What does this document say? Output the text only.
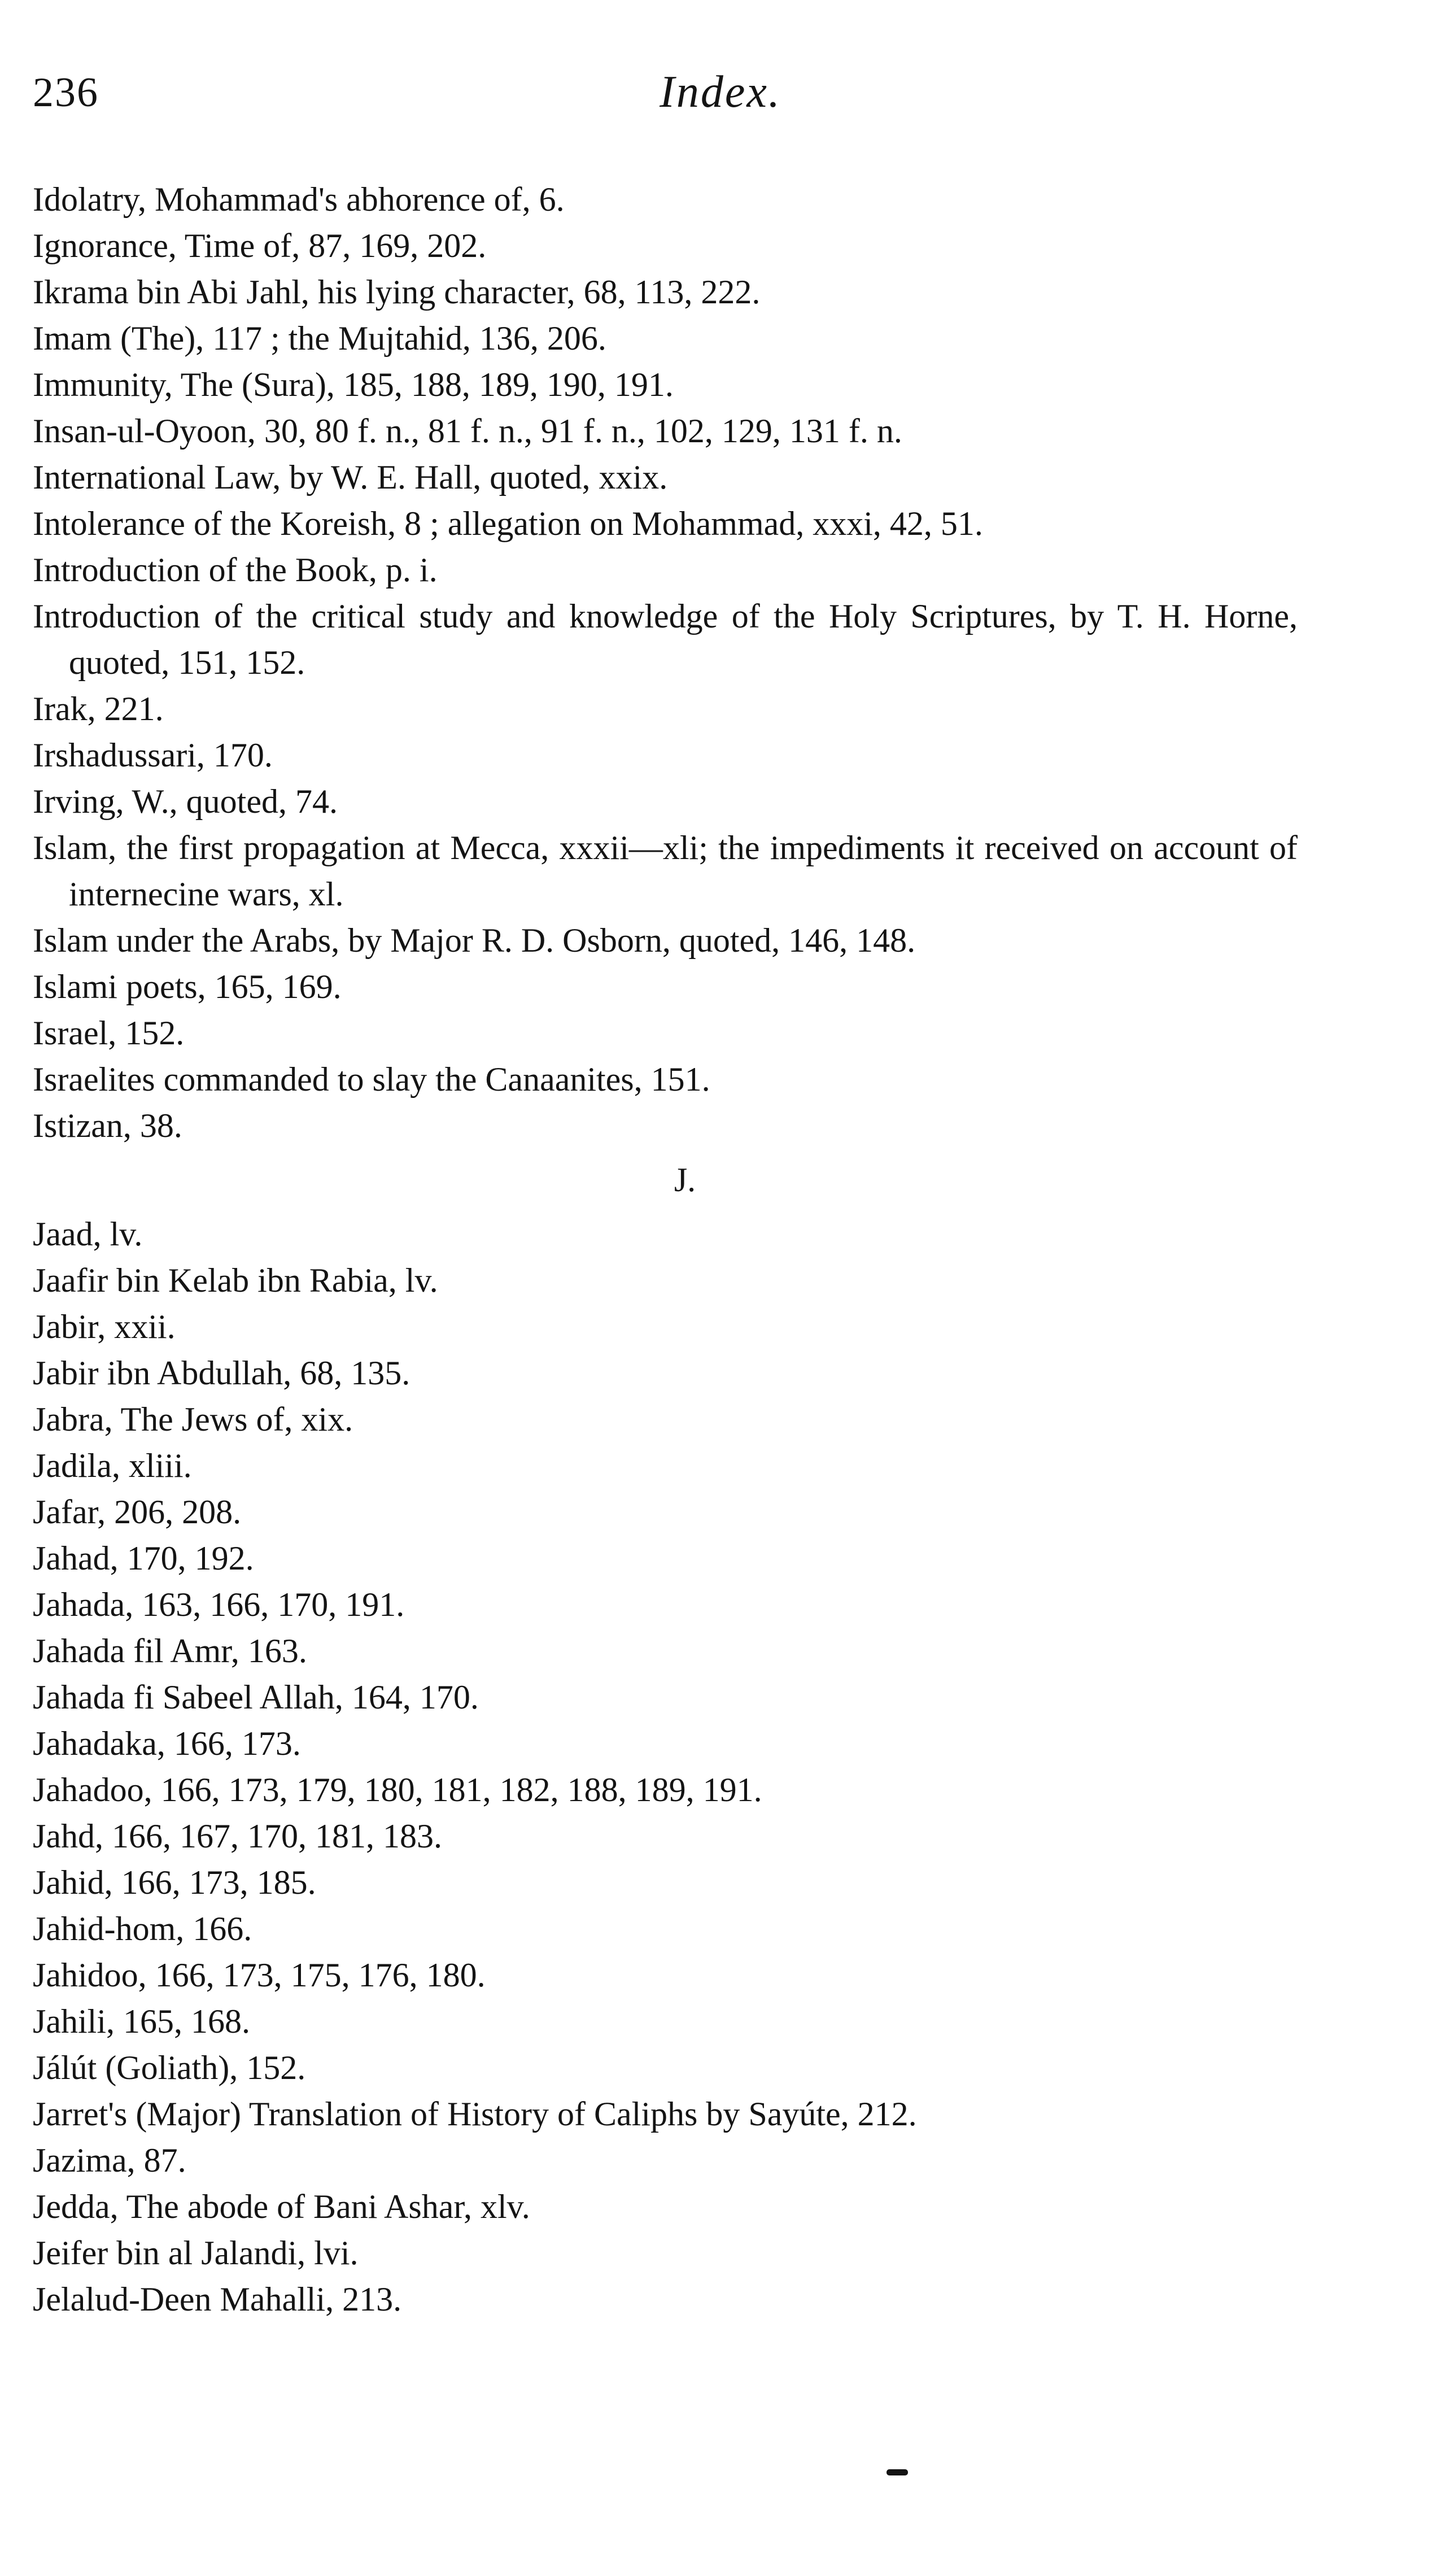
236	Index.
Idolatry, Mohammad's abhorence of, 6.
Ignorance, Time of, 87, 169, 202.
Ikrama bin Abi Jahl, his lying character, 68, 113, 222.
Imam (The), 117 ; the Mujtahid, 136, 206.
Immunity, The (Sura), 185, 188, 189, 190, 191.
Insan-ul-Oyoon, 30, 80 f. n., 81 f. n., 91 f. n., 102, 129, 131 f. n.
International Law, by W. E. Hall, quoted, xxix.
Intolerance of the Koreish, 8 ; allegation on Mohammad, xxxi, 42, 51.
Introduction of the Book, p. i.
Introduction of the critical study and knowledge of the Holy Scriptures, by T. H. Horne, quoted, 151, 152.
Irak, 221.
Irshadussari, 170.
Irving, W., quoted, 74.
Islam, the first propagation at Mecca, xxxii—xli; the impediments it received on account of internecine wars, xl.
Islam under the Arabs, by Major R. D. Osborn, quoted, 146, 148.
Islami poets, 165, 169.
Israel, 152.
Israelites commanded to slay the Canaanites, 151.
Istizan, 38.
J.
Jaad, lv.
Jaafir bin Kelab ibn Rabia, lv.
Jabir, xxii.
Jabir ibn Abdullah, 68, 135.
Jabra, The Jews of, xix.
Jadila, xliii.
Jafar, 206, 208.
Jahad, 170, 192.
Jahada, 163, 166, 170, 191.
Jahada fil Amr, 163.
Jahada fi Sabeel Allah, 164, 170.
Jahadaka, 166, 173.
Jahadoo, 166, 173, 179, 180, 181, 182, 188, 189, 191.
Jahd, 166, 167, 170, 181, 183.
Jahid, 166, 173, 185.
Jahid-hom, 166.
Jahidoo, 166, 173, 175, 176, 180.
Jahili, 165, 168.
Jálút (Goliath), 152.
Jarret's (Major) Translation of History of Caliphs by Sayúte, 212.
Jazima, 87.
Jedda, The abode of Bani Ashar, xlv.
Jeifer bin al Jalandi, lvi.
Jelalud-Deen Mahalli, 213.
